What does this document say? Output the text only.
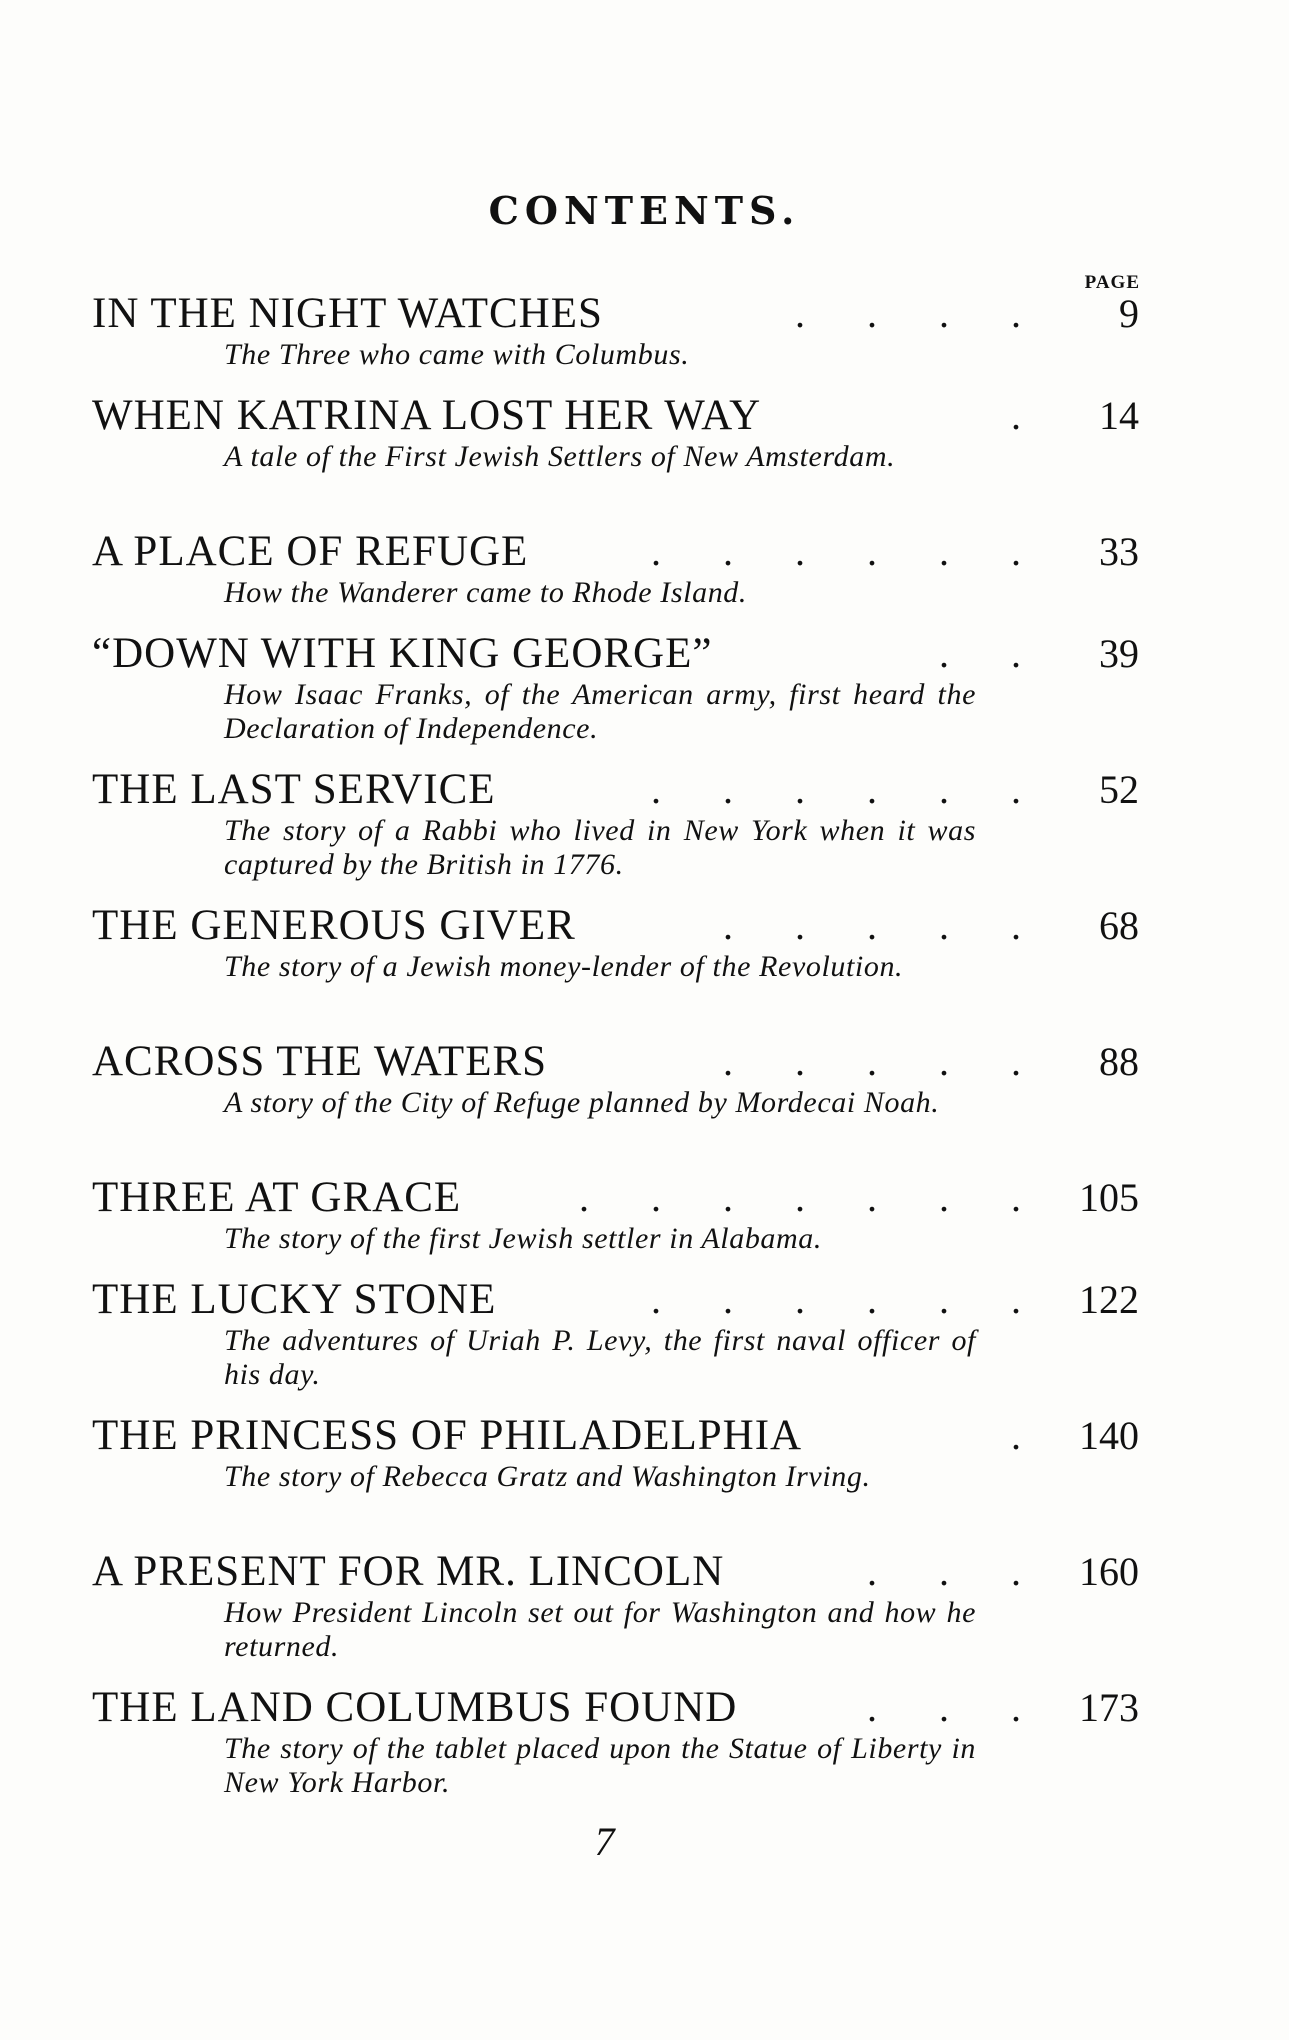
CONTENTS.
PAGE
IN THE NIGHT WATCHES	. . . .	9
The Three who came with Columbus.
WHEN KATRINA LOST HER WAY	.	14
A tale of the First Jewish Settlers of New Amsterdam.
A PLACE OF REFUGE	. . . . . .	33
How the Wanderer came to Rhode Island.
“DOWN WITH KING GEORGE”	. .	39
How Isaac Franks, of the American army, first heard the Declaration of Independence.
THE LAST SERVICE	. . . . . .	52
The story of a Rabbi who lived in New York when it was captured by the British in 1776.
THE GENEROUS GIVER	. . . . .	68
The story of a Jewish money-lender of the Revolution.
ACROSS THE WATERS	. . . . .	88
A story of the City of Refuge planned by Mordecai Noah.
THREE AT GRACE	. . . . . . . 105
The story of the first Jewish settler in Alabama.
THE LUCKY STONE	. . . . . . 122
The adventures of Uriah P. Levy, the first naval officer of his day.
THE PRINCESS OF PHILADELPHIA	. 140
The story of Rebecca Gratz and Washington Irving.
A PRESENT FOR MR. LINCOLN	. . . 160
How President Lincoln set out for Washington and how he returned.
THE LAND COLUMBUS FOUND	. . . 173
The story of the tablet placed upon the Statue of Liberty in New York Harbor.
7
